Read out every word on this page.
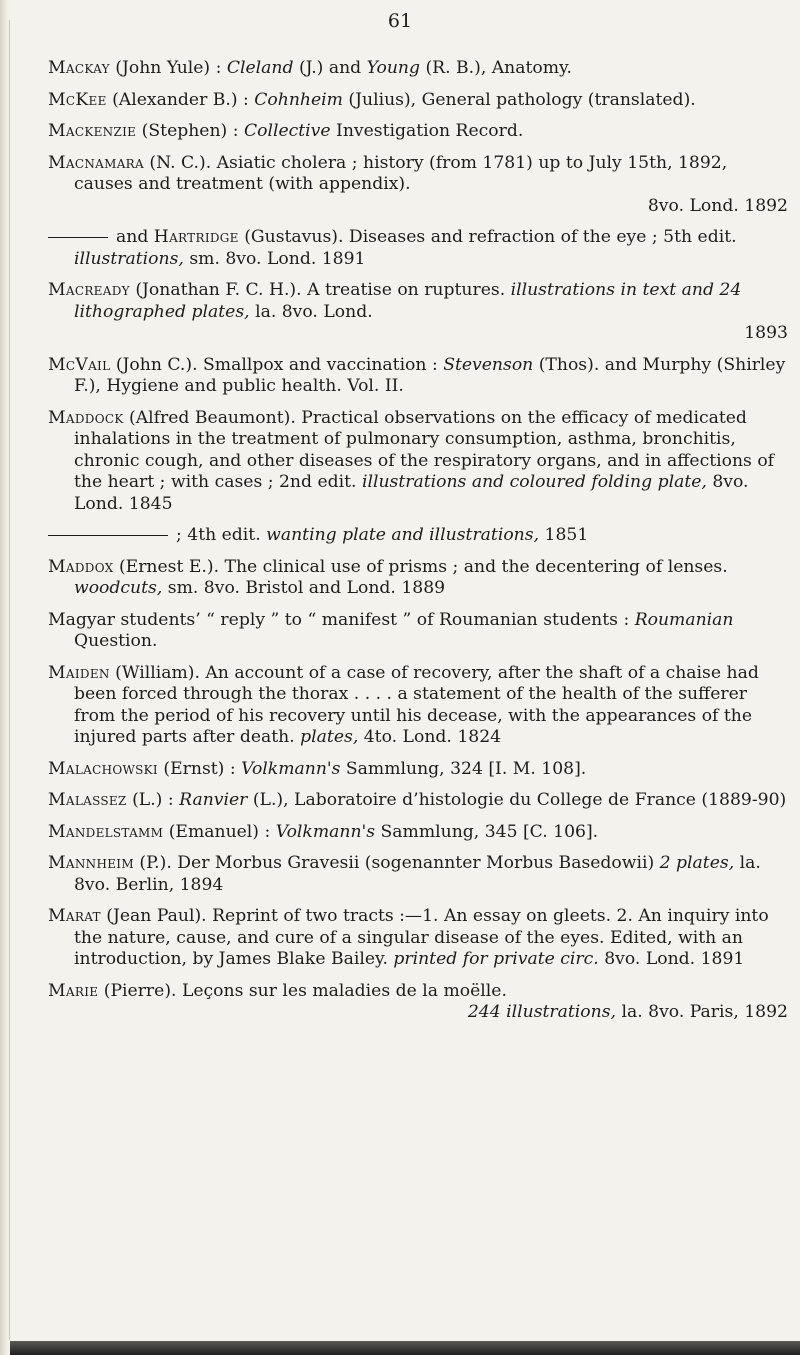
61

Mackay (John Yule) : Cleland (J.) and Young (R. B.), Anatomy.

McKee (Alexander B.) : Cohnheim (Julius), General pathology (translated).

Mackenzie (Stephen) : Collective Investigation Record.

Macnamara (N. C.). Asiatic cholera ; history (from 1781) up to July 15th, 1892, causes and treatment (with appendix).
8vo. Lond. 1892

and Hartridge (Gustavus). Diseases and refraction of the eye ; 5th edit. illustrations, sm. 8vo. Lond. 1891

Macready (Jonathan F. C. H.). A treatise on ruptures. illustrations in text and 24 lithographed plates, la. 8vo. Lond.
1893

McVail (John C.). Smallpox and vaccination : Stevenson (Thos). and Murphy (Shirley F.), Hygiene and public health. Vol. II.

Maddock (Alfred Beaumont). Practical observations on the efficacy of medicated inhalations in the treatment of pulmonary consumption, asthma, bronchitis, chronic cough, and other diseases of the respiratory organs, and in affections of the heart ; with cases ; 2nd edit. illustrations and coloured folding plate, 8vo. Lond. 1845

; 4th edit. wanting plate and illustrations, 1851

Maddox (Ernest E.). The clinical use of prisms ; and the decentering of lenses. woodcuts, sm. 8vo. Bristol and Lond. 1889

Magyar students’ “ reply ” to “ manifest ” of Roumanian students : Roumanian Question.

Maiden (William). An account of a case of recovery, after the shaft of a chaise had been forced through the thorax . . . . a statement of the health of the sufferer from the period of his recovery until his decease, with the appearances of the injured parts after death. plates, 4to. Lond. 1824

Malachowski (Ernst) : Volkmann's Sammlung, 324 [I. M. 108].

Malassez (L.) : Ranvier (L.), Laboratoire d’histologie du College de France (1889-90)

Mandelstamm (Emanuel) : Volkmann's Sammlung, 345 [C. 106].

Mannheim (P.). Der Morbus Gravesii (sogenannter Morbus Basedowii) 2 plates, la. 8vo. Berlin, 1894

Marat (Jean Paul). Reprint of two tracts :—1. An essay on gleets. 2. An inquiry into the nature, cause, and cure of a singular disease of the eyes. Edited, with an introduction, by James Blake Bailey. printed for private circ. 8vo. Lond. 1891

Marie (Pierre). Leçons sur les maladies de la moëlle.
244 illustrations, la. 8vo. Paris, 1892
